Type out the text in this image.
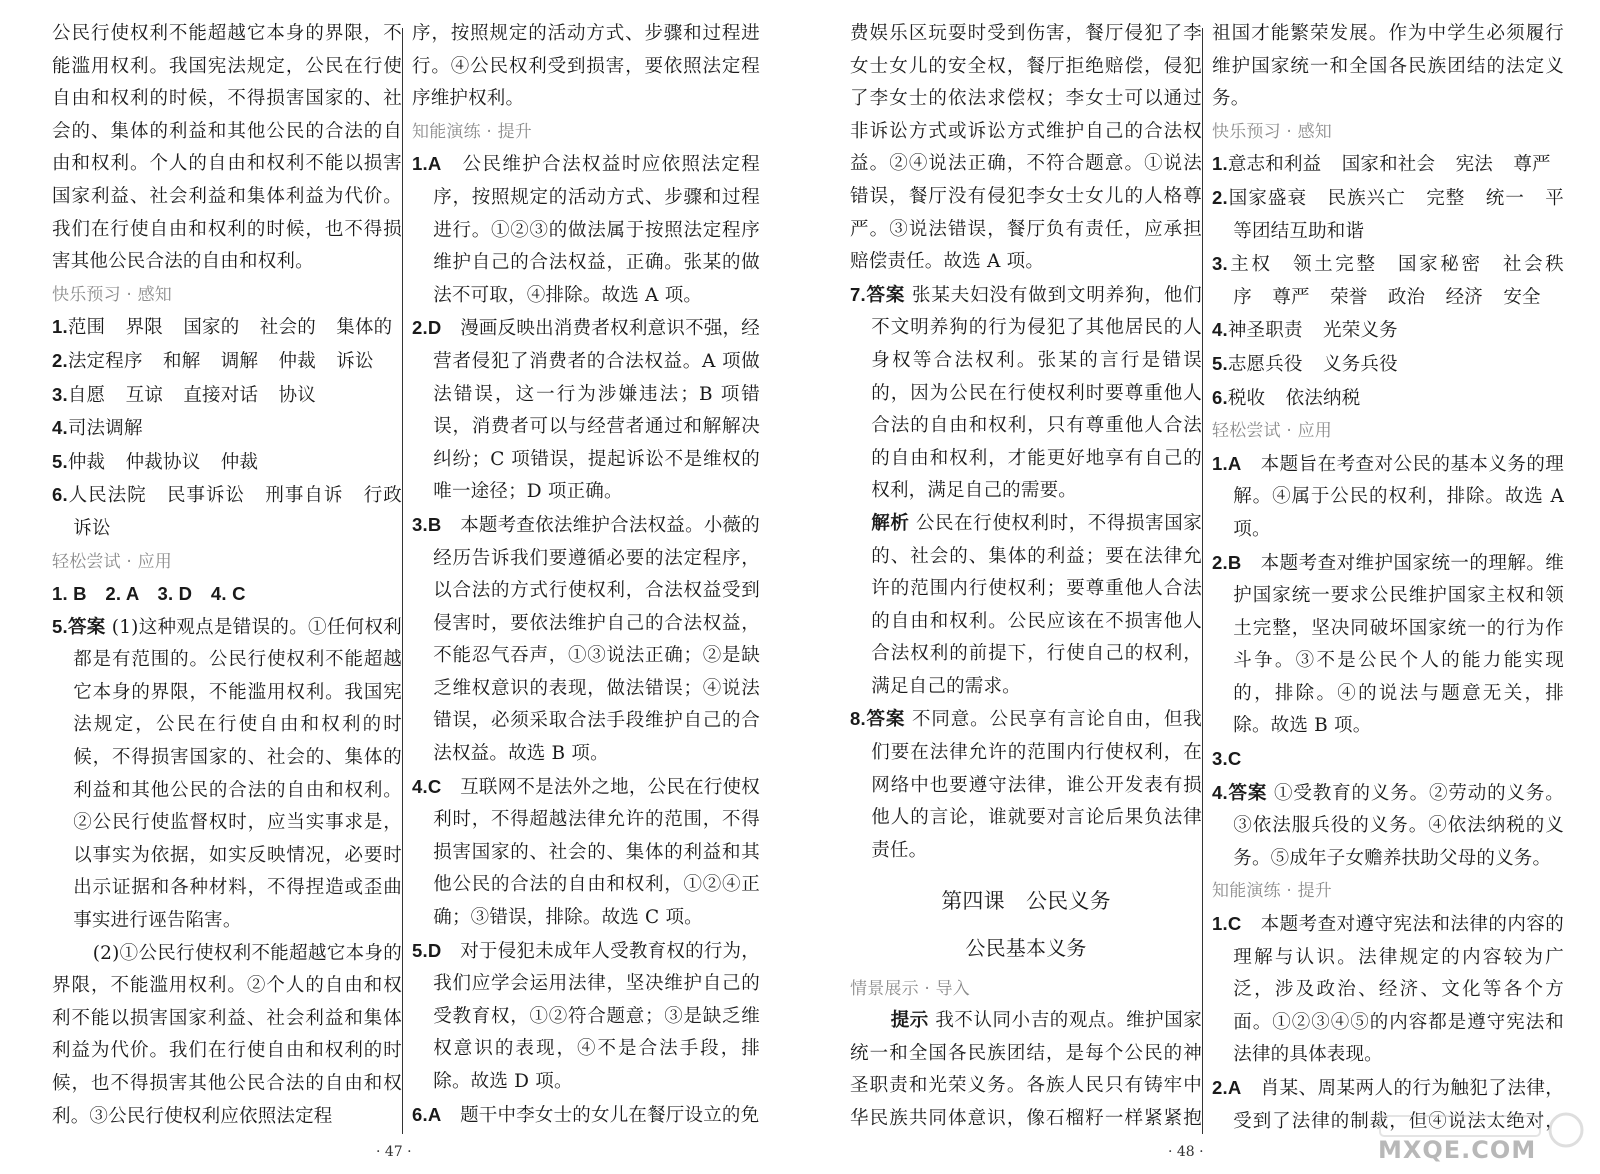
公民行使权利不能超越它本身的界限，不能滥用权利。我国宪法规定，公民在行使自由和权利的时候，不得损害国家的、社会的、集体的利益和其他公民的合法的自由和权利。个人的自由和权利不能以损害国家利益、社会利益和集体利益为代价。我们在行使自由和权利的时候，也不得损害其他公民合法的自由和权利。

快乐预习 · 感知

1.范围 界限 国家的 社会的 集体的

2.法定程序 和解 调解 仲裁 诉讼

3.自愿 互谅 直接对话 协议

4.司法调解

5.仲裁 仲裁协议 仲裁

6.人民法院 民事诉讼 刑事自诉 行政诉讼

轻松尝试 · 应用

1. B　2. A　3. D　4. C

5.答案 (1)这种观点是错误的。①任何权利都是有范围的。公民行使权利不能超越它本身的界限，不能滥用权利。我国宪法规定，公民在行使自由和权利的时候，不得损害国家的、社会的、集体的利益和其他公民的合法的自由和权利。②公民行使监督权时，应当实事求是，以事实为依据，如实反映情况，必要时出示证据和各种材料，不得捏造或歪曲事实进行诬告陷害。

(2)①公民行使权利不能超越它本身的界限，不能滥用权利。②个人的自由和权利不能以损害国家利益、社会利益和集体利益为代价。我们在行使自由和权利的时候，也不得损害其他公民合法的自由和权利。③公民行使权利应依照法定程

序，按照规定的活动方式、步骤和过程进行。④公民权利受到损害，要依照法定程序维护权利。

知能演练 · 提升

1.A　 公民维护合法权益时应依照法定程序，按照规定的活动方式、步骤和过程进行。①②③的做法属于按照法定程序维护自己的合法权益，正确。张某的做法不可取，④排除。故选 A 项。

2.D　 漫画反映出消费者权利意识不强，经营者侵犯了消费者的合法权益。A 项做法错误，这一行为涉嫌违法；B 项错误，消费者可以与经营者通过和解解决纠纷；C 项错误，提起诉讼不是维权的唯一途径；D 项正确。

3.B　 本题考查依法维护合法权益。小薇的经历告诉我们要遵循必要的法定程序，以合法的方式行使权利，合法权益受到侵害时，要依法维护自己的合法权益，不能忍气吞声，①③说法正确；②是缺乏维权意识的表现，做法错误；④说法错误，必须采取合法手段维护自己的合法权益。故选 B 项。

4.C　 互联网不是法外之地，公民在行使权利时，不得超越法律允许的范围，不得损害国家的、社会的、集体的利益和其他公民的合法的自由和权利，①②④正确；③错误，排除。故选 C 项。

5.D　 对于侵犯未成年人受教育权的行为，我们应学会运用法律，坚决维护自己的受教育权，①②符合题意；③是缺乏维权意识的表现，④不是合法手段，排除。故选 D 项。

6.A　 题干中李女士的女儿在餐厅设立的免

· 47 ·

费娱乐区玩耍时受到伤害，餐厅侵犯了李女士女儿的安全权，餐厅拒绝赔偿，侵犯了李女士的依法求偿权；李女士可以通过非诉讼方式或诉讼方式维护自己的合法权益。②④说法正确，不符合题意。①说法错误，餐厅没有侵犯李女士女儿的人格尊严。③说法错误，餐厅负有责任，应承担赔偿责任。故选 A 项。

7.答案 张某夫妇没有做到文明养狗，他们不文明养狗的行为侵犯了其他居民的人身权等合法权利。张某的言行是错误的，因为公民在行使权利时要尊重他人合法的自由和权利，只有尊重他人合法的自由和权利，才能更好地享有自己的权利，满足自己的需要。

解析 公民在行使权利时，不得损害国家的、社会的、集体的利益；要在法律允许的范围内行使权利；要尊重他人合法的自由和权利。公民应该在不损害他人合法权利的前提下，行使自己的权利，满足自己的需求。

8.答案 不同意。公民享有言论自由，但我们要在法律允许的范围内行使权利，在网络中也要遵守法律，谁公开发表有损他人的言论，谁就要对言论后果负法律责任。

第四课　公民义务
公民基本义务

情景展示 · 导入

提示 我不认同小吉的观点。维护国家统一和全国各民族团结，是每个公民的神圣职责和光荣义务。各族人民只有铸牢中华民族共同体意识，像石榴籽一样紧紧抱

祖国才能繁荣发展。作为中学生必须履行维护国家统一和全国各民族团结的法定义务。

快乐预习 · 感知

1.意志和利益 国家和社会 宪法 尊严

2.国家盛衰 民族兴亡 完整 统一 平等团结互助和谐

3.主权 领土完整 国家秘密 社会秩序 尊严 荣誉 政治 经济 安全

4.神圣职责 光荣义务

5.志愿兵役 义务兵役

6.税收 依法纳税

轻松尝试 · 应用

1.A　 本题旨在考查对公民的基本义务的理解。④属于公民的权利，排除。故选 A 项。

2.B　 本题考查对维护国家统一的理解。维护国家统一要求公民维护国家主权和领土完整，坚决同破坏国家统一的行为作斗争。③不是公民个人的能力能实现的，排除。④的说法与题意无关，排除。故选 B 项。

3.C

4.答案 ①受教育的义务。②劳动的义务。③依法服兵役的义务。④依法纳税的义务。⑤成年子女赡养扶助父母的义务。

知能演练 · 提升

1.C　 本题考查对遵守宪法和法律的内容的理解与认识。法律规定的内容较为广泛，涉及政治、经济、文化等各个方面。①②③④⑤的内容都是遵守宪法和法律的具体表现。

2.A　 肖某、周某两人的行为触犯了法律，受到了法律的制裁，但④说法太绝对，

· 48 ·	MXQE.COM
